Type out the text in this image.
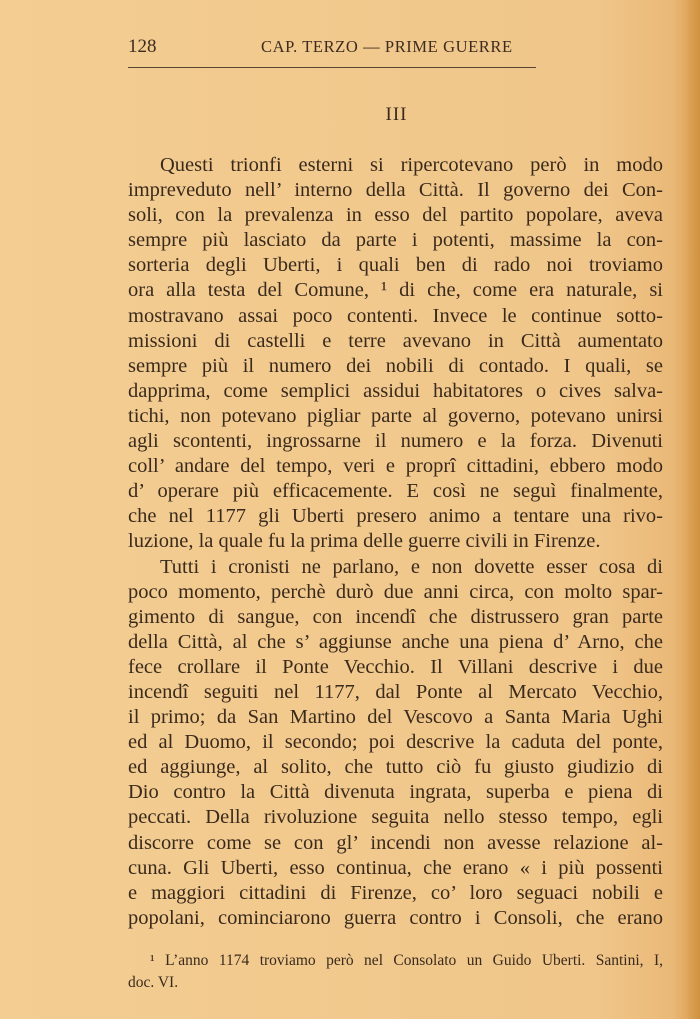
128	CAP. TERZO — PRIME GUERRE
III
Questi trionfi esterni si ripercotevano però in modo
impreveduto nell’ interno della Città. Il governo dei Con-
soli, con la prevalenza in esso del partito popolare, aveva
sempre più lasciato da parte i potenti, massime la con-
sorteria degli Uberti, i quali ben di rado noi troviamo
ora alla testa del Comune, ¹ di che, come era naturale, si
mostravano assai poco contenti. Invece le continue sotto-
missioni di castelli e terre avevano in Città aumentato
sempre più il numero dei nobili di contado. I quali, se
dapprima, come semplici assidui habitatores o cives salva-
tichi, non potevano pigliar parte al governo, potevano unirsi
agli scontenti, ingrossarne il numero e la forza. Divenuti
coll’ andare del tempo, veri e proprî cittadini, ebbero modo
d’ operare più efficacemente. E così ne seguì finalmente,
che nel 1177 gli Uberti presero animo a tentare una rivo-
luzione, la quale fu la prima delle guerre civili in Firenze.
Tutti i cronisti ne parlano, e non dovette esser cosa di
poco momento, perchè durò due anni circa, con molto spar-
gimento di sangue, con incendî che distrussero gran parte
della Città, al che s’ aggiunse anche una piena d’ Arno, che
fece crollare il Ponte Vecchio. Il Villani descrive i due
incendî seguiti nel 1177, dal Ponte al Mercato Vecchio,
il primo; da San Martino del Vescovo a Santa Maria Ughi
ed al Duomo, il secondo; poi descrive la caduta del ponte,
ed aggiunge, al solito, che tutto ciò fu giusto giudizio di
Dio contro la Città divenuta ingrata, superba e piena di
peccati. Della rivoluzione seguita nello stesso tempo, egli
discorre come se con gl’ incendi non avesse relazione al-
cuna. Gli Uberti, esso continua, che erano « i più possenti
e maggiori cittadini di Firenze, co’ loro seguaci nobili e
popolani, cominciarono guerra contro i Consoli, che erano
¹ L’anno 1174 troviamo però nel Consolato un Guido Uberti. Santini, I,
doc. VI.
